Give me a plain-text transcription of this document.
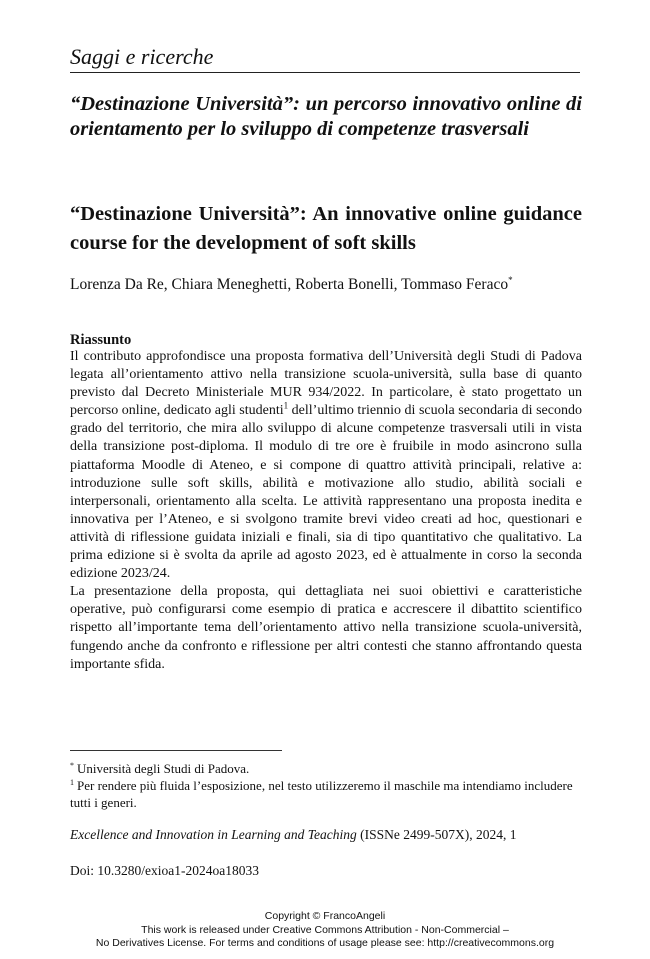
Saggi e ricerche
“Destinazione Università”: un percorso innovativo online di orientamento per lo sviluppo di competenze trasversali
“Destinazione Università”: An innovative online guidance course for the development of soft skills
Lorenza Da Re, Chiara Meneghetti, Roberta Bonelli, Tommaso Feraco*
Riassunto

Il contributo approfondisce una proposta formativa dell’Università degli Studi di Padova legata all’orientamento attivo nella transizione scuola-università, sulla base di quanto previsto dal Decreto Ministeriale MUR 934/2022. In particolare, è stato progettato un percorso online, dedicato agli studenti$^1$ dell’ultimo triennio di scuola secondaria di secondo grado del territorio, che mira allo sviluppo di alcune competenze trasversali utili in vista della transizione post-diploma. Il modulo di tre ore è fruibile in modo asincrono sulla piattaforma Moodle di Ateneo, e si compone di quattro attività principali, relative a: introduzione sulle soft skills, abilità e motivazione allo studio, abilità sociali e interpersonali, orientamento alla scelta. Le attività rappresentano una proposta inedita e innovativa per l’Ateneo, e si svolgono tramite brevi video creati ad hoc, questionari e attività di riflessione guidata iniziali e finali, sia di tipo quantitativo che qualitativo. La prima edizione si è svolta da aprile ad agosto 2023, ed è attualmente in corso la seconda edizione 2023/24.

La presentazione della proposta, qui dettagliata nei suoi obiettivi e caratteristiche operative, può configurarsi come esempio di pratica e accrescere il dibattito scientifico rispetto all’importante tema dell’orientamento attivo nella transizione scuola-università, fungendo anche da confronto e riflessione per altri contesti che stanno affrontando questa importante sfida.

* Università degli Studi di Padova.

$^1$ Per rendere più fluida l’esposizione, nel testo utilizzeremo il maschile ma intendiamo includere tutti i generi.

Excellence and Innovation in Learning and Teaching (ISSNe 2499-507X), 2024, 1
Doi: 10.3280/exioa1-2024oa18033
Copyright © FrancoAngeli
This work is released under Creative Commons Attribution - Non-Commercial –
No Derivatives License. For terms and conditions of usage please see: http://creativecommons.org
